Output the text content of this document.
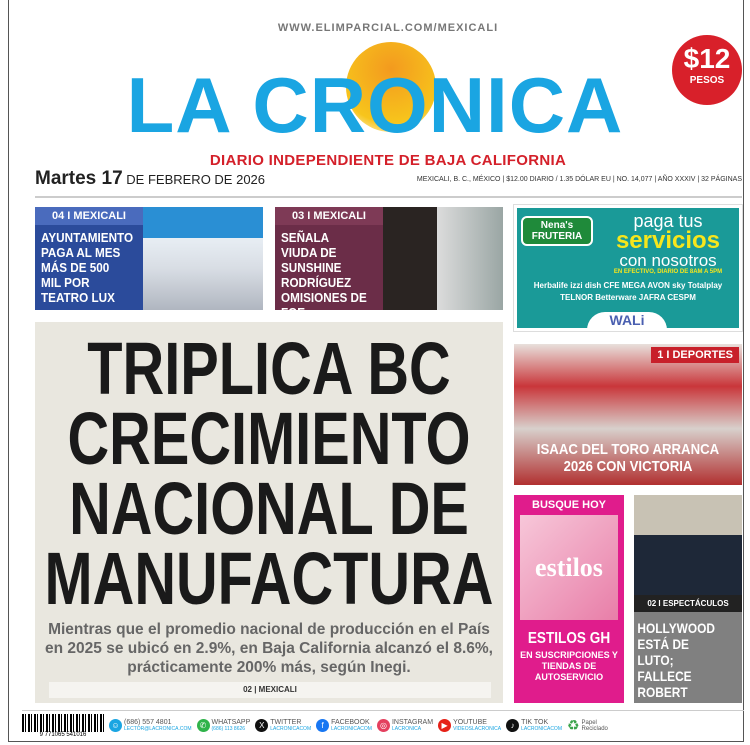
WWW.ELIMPARCIAL.COM/MEXICALI
LA CRONICA
$12
PESOS
DIARIO INDEPENDIENTE DE BAJA CALIFORNIA
Martes 17 DE FEBRERO DE 2026	MEXICALI, B. C., MÉXICO | $12.00 DIARIO / 1.35 DÓLAR EU | NO. 14,077 | AÑO XXXIV | 32 PÁGINAS
04 I MEXICALI
AYUNTAMIENTO PAGA AL MES MÁS DE 500 MIL POR TEATRO LUX
03 I MEXICALI
SEÑALA VIUDA DE SUNSHINE RODRÍGUEZ OMISIONES DE FGE
Nena's FRUTERIA
paga tus
servicios
con nosotros
EN EFECTIVO, DIARIO DE 8AM A 5PM
Herbalife izzi dish CFE MEGA AVON sky Totalplay TELNOR Betterware JAFRA CESPM
WALi
TRIPLICA BC
CRECIMIENTO
NACIONAL DE
MANUFACTURA
Mientras que el promedio nacional de producción en el País en 2025 se ubicó en 2.9%, en Baja California alcanzó el 8.6%, prácticamente 200% más, según Inegi.
02 | MEXICALI
1 I DEPORTES
ISAAC DEL TORO ARRANCA 2026 CON VICTORIA
BUSQUE HOY
estilos
ESTILOS GH
EN SUSCRIPCIONES Y TIENDAS DE AUTOSERVICIO
02 I ESPECTÁCULOS
HOLLYWOOD ESTÁ DE LUTO; FALLECE ROBERT DUVAL
9 771065 541016
☺ (686) 557 4801
LECTOR@LACRONICA.COM	✆ WHATSAPP
(686) 113 8626	X TWITTER
LACRONICACOM	f	FACEBOOK
LACRONICACOM	◎ INSTAGRAM
LACRONICA	▶ YOUTUBE
VIDEOSLACRONICA	♪ TIK TOK
LACRONICACOM ♻ Papel Reciclado
